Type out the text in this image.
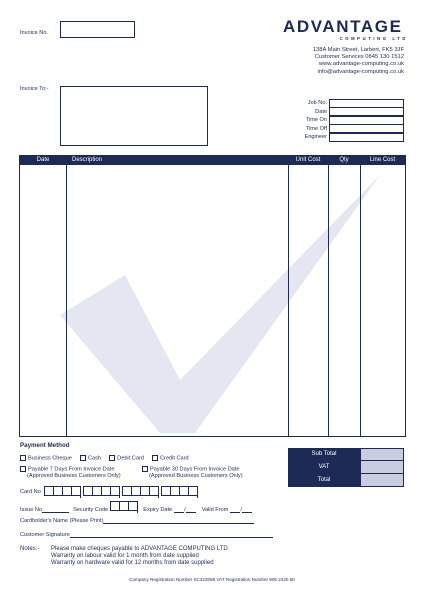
Invoice No.	ADVANTAGE
COMPUTING LTD
138A Main Street, Larbert, FK5 3JF
Customer Services 0845 130 1512
www.advantage-computing.co.uk
info@advantage-computing.co.uk
Invoice To:-
Job No.
Date
Time On
Time Off
Engineer
Date	Description	Unit Cost	Qty	Line Cost
Payment Method
Business Cheque	Cash	Debit Card	Credit Card
Payable 7 Days From Invoice Date
(Approved Business Customers Only)
Payable 30 Days From Invoice Date
(Approved Business Customers Only)
Card No
Issue No	Security Code	Expiry Date /	Valid From /
Cardholder's Name (Please Print)
Customer Signature
Sub Total
VAT
Total
Notes:-	Please make cheques payable to ADVANTAGE COMPUTING LTD
Warranty on labour valid for 1 month from date supplied
Warranty on hardware valid for 12 months from date supplied
Company Registration Number SC322086 VAT Registration Number 905 2420 60
